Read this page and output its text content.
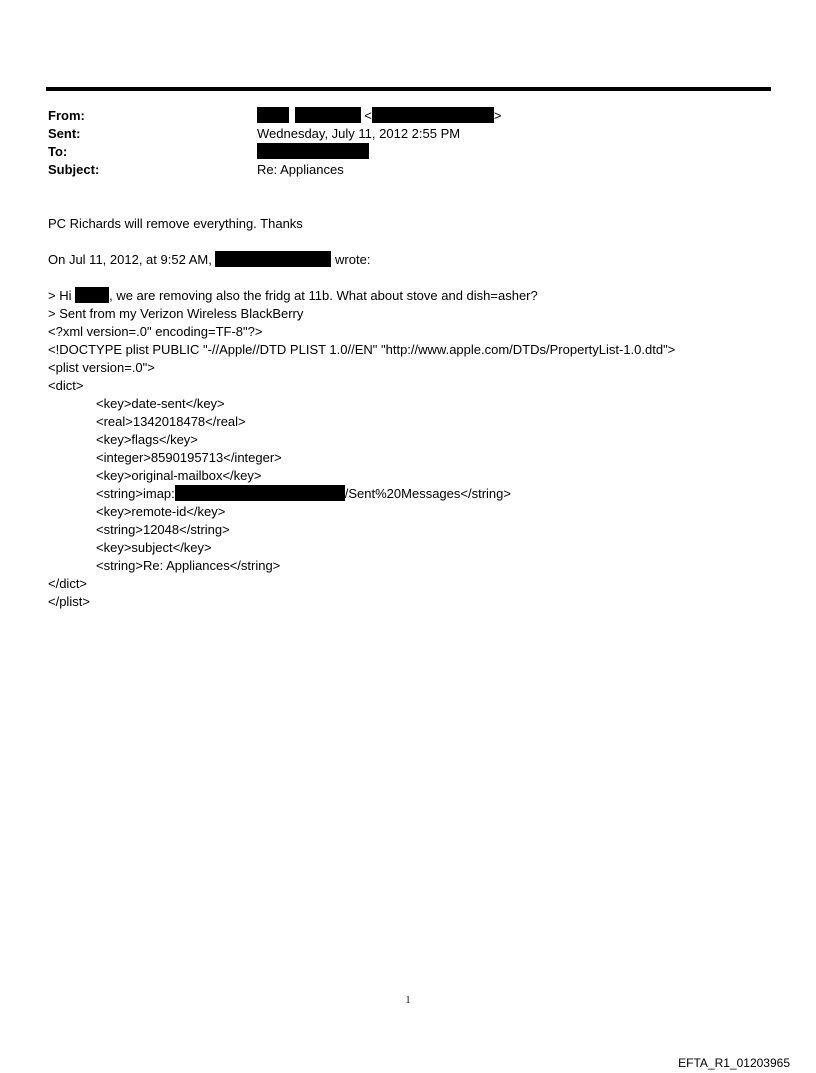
From:	<	>
Sent:	Wednesday, July 11, 2012 2:55 PM
To:
Subject:	Re: Appliances
PC Richards will remove everything. Thanks
On Jul 11, 2012, at 9:52 AM,	wrote:
> Hi	, we are removing also the fridg at 11b. What about stove and dish=asher?
> Sent from my Verizon Wireless BlackBerry
<?xml version=.0" encoding=TF-8"?>
<!DOCTYPE plist PUBLIC "-//Apple//DTD PLIST 1.0//EN" "http://www.apple.com/DTDs/PropertyList-1.0.dtd">
<plist version=.0">
<dict>
<key>date-sent</key>
<real>1342018478</real>
<key>flags</key>
<integer>8590195713</integer>
<key>original-mailbox</key>
<string>imap:	/Sent%20Messages</string>
<key>remote-id</key>
<string>12048</string>
<key>subject</key>
<string>Re: Appliances</string>
</dict>
</plist>
1
EFTA_R1_01203965
